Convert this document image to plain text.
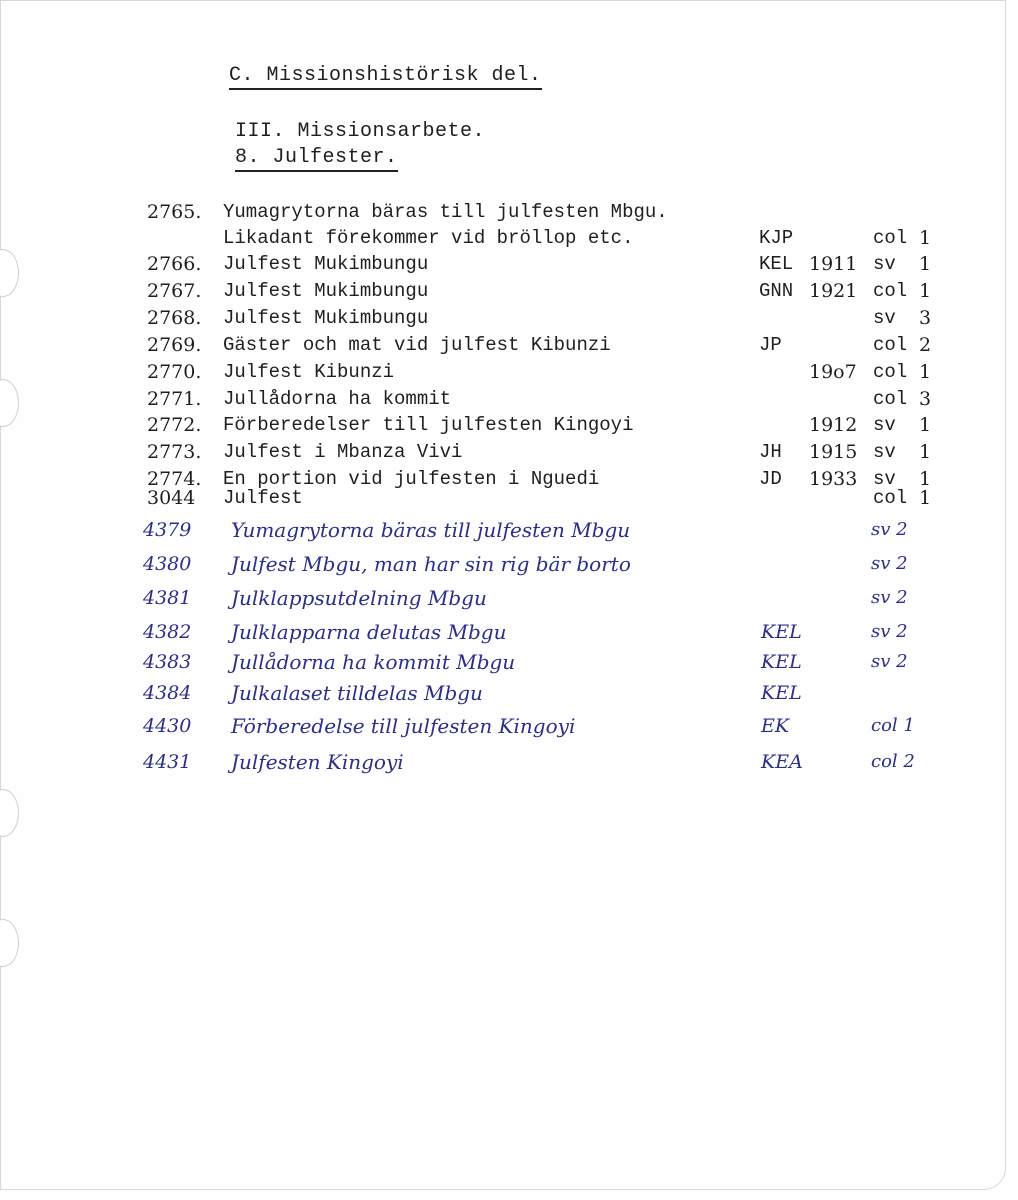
C. Missionshistörisk del.
III. Missionsarbete.
8. Julfester.
2765. Yumagrytorna bäras till julfesten Mbgu.
Likadant förekommer vid bröllop etc.	KJP	col 1
2766. Julfest Mukimbungu	KEL 1911 sv 1
2767. Julfest Mukimbungu	GNN 1921 col 1
2768. Julfest Mukimbungu	sv 3
2769. Gäster och mat vid julfest Kibunzi	JP	col 2
2770. Julfest Kibunzi	19o7 col 1
2771. Jullådorna ha kommit	col 3
2772. Förberedelser till julfesten Kingoyi	1912 sv 1
2773. Julfest i Mbanza Vivi	JH 1915 sv 1
2774. En portion vid julfesten i Nguedi	JD 1933 sv 1
3044 Julfest	col 1
4379 Yumagrytorna bäras till julfesten Mbgu	sv 2
4380 Julfest Mbgu, man har sin rig bär borto	sv 2
4381 Julklappsutdelning Mbgu	sv 2
4382 Julklapparna delutas Mbgu	KEL	sv 2
4383 Jullådorna ha kommit Mbgu	KEL	sv 2
4384 Julkalaset tilldelas Mbgu	KEL
4430 Förberedelse till julfesten Kingoyi	EK	col 1
4431 Julfesten Kingoyi	KEA	col 2
